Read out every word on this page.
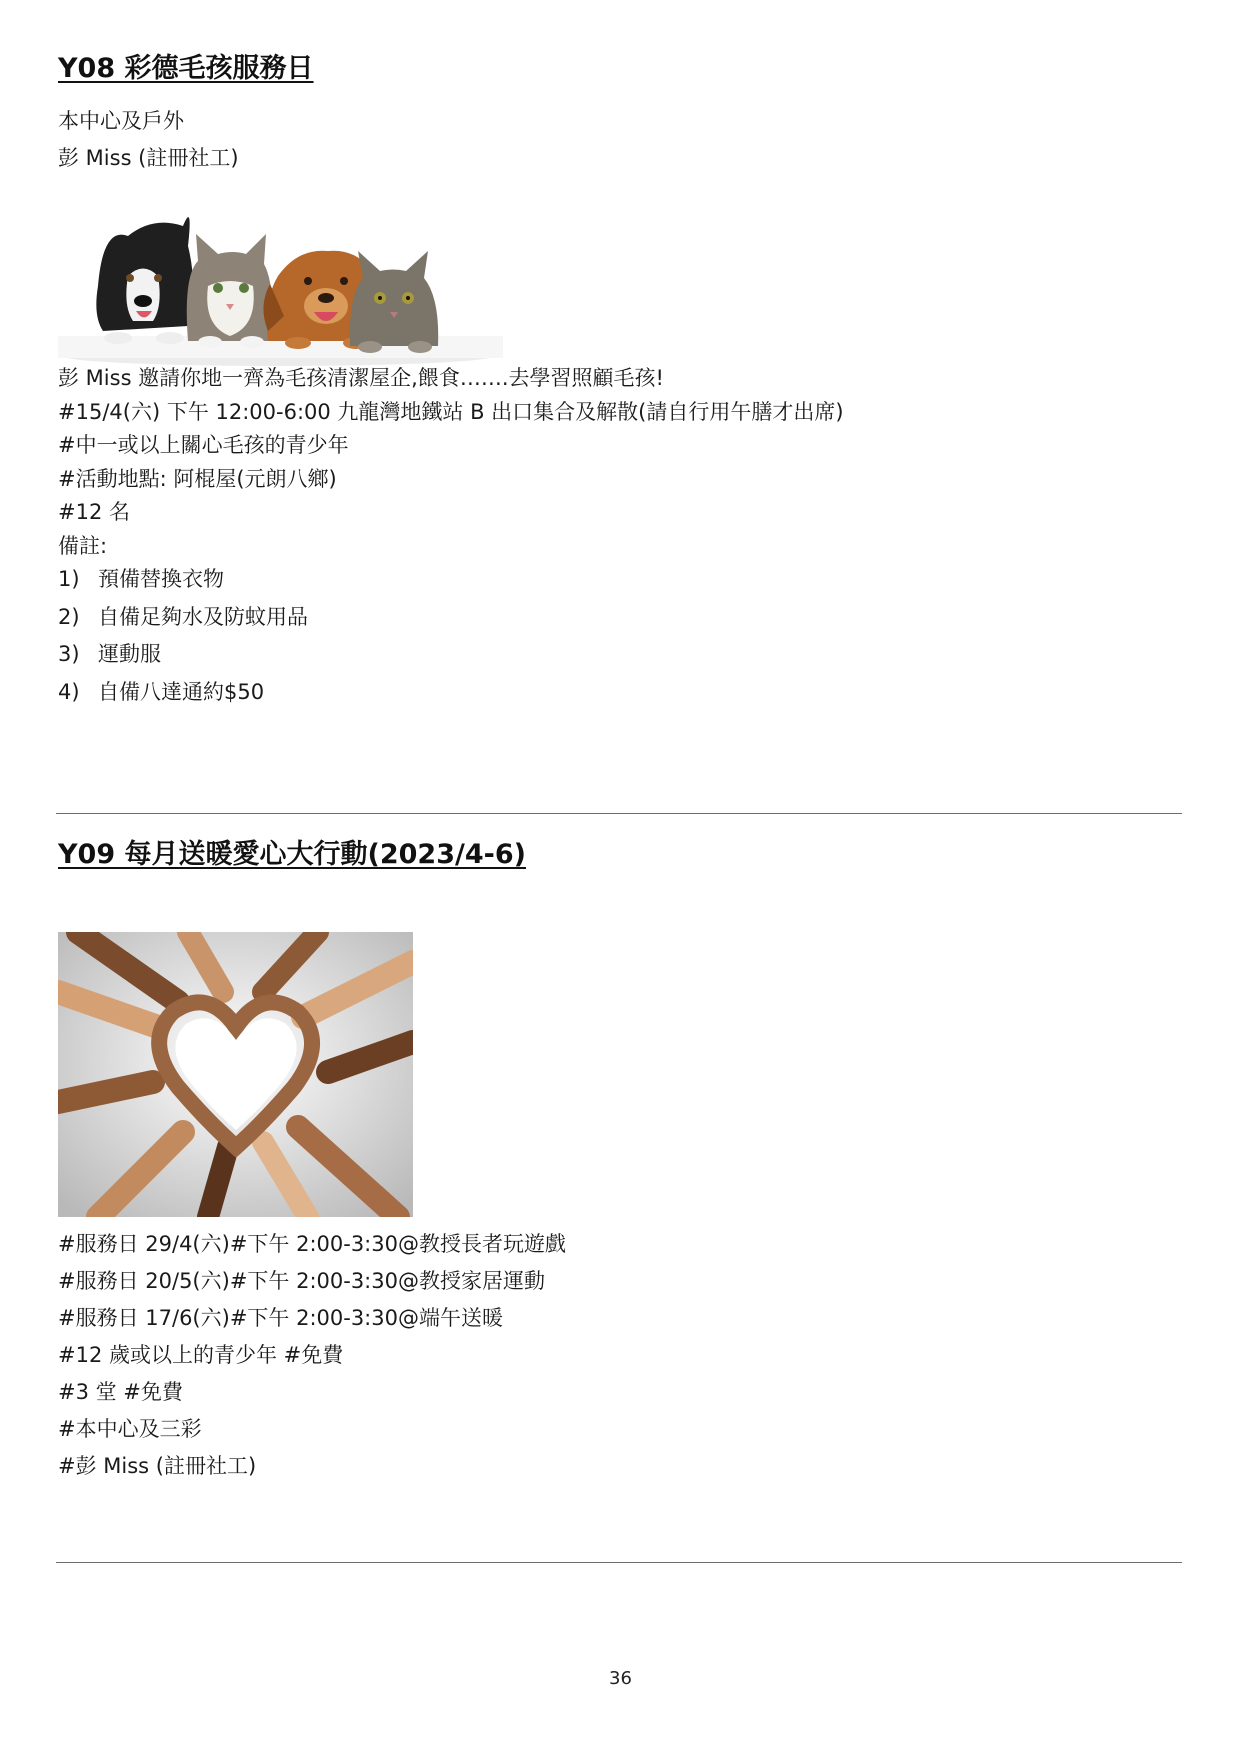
Y08 彩德毛孩服務日

本中心及戶外

彭 Miss (註冊社工)

彭 Miss 邀請你地一齊為毛孩清潔屋企,餵食…….去學習照顧毛孩!

#15/4(六) 下午 12:00-6:00 九龍灣地鐵站 B 出口集合及解散(請自行用午膳才出席)

#中一或以上關心毛孩的青少年

#活動地點: 阿棍屋(元朗八鄉)

#12 名

備註:

1) 預備替換衣物
2) 自備足夠水及防蚊用品
3) 運動服
4) 自備八達通約$50
Y09 每月送暖愛心大行動(2023/4-6)

#服務日 29/4(六)#下午 2:00-3:30@教授長者玩遊戲

#服務日 20/5(六)#下午 2:00-3:30@教授家居運動

#服務日 17/6(六)#下午 2:00-3:30@端午送暖

#12 歲或以上的青少年 #免費

#3 堂 #免費

#本中心及三彩

#彭 Miss (註冊社工)

36
